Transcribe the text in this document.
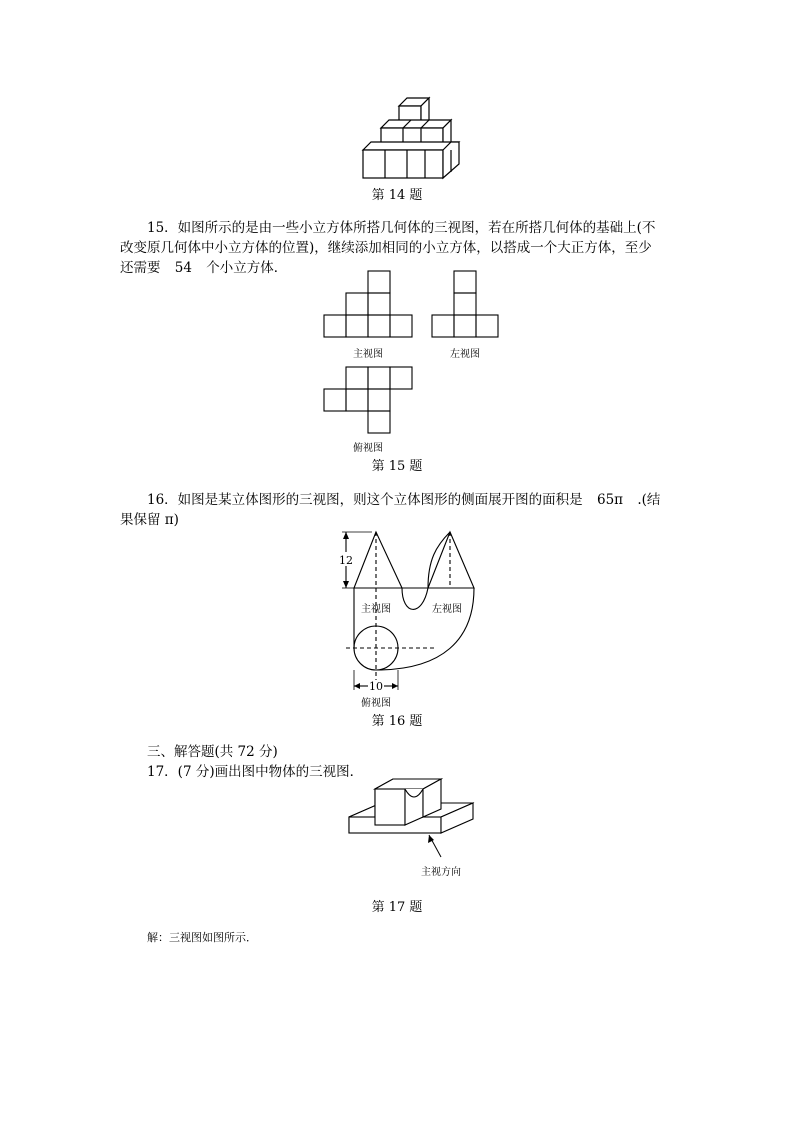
第 14 题
15．如图所示的是由一些小立方体所搭几何体的三视图，若在所搭几何体的基础上(不
改变原几何体中小立方体的位置)，继续添加相同的小立方体，以搭成一个大正方体，至少
还需要 54 个小立方体．
主视图	左视图
俯视图
第 15 题
16．如图是某立体图形的三视图，则这个立体图形的侧面展开图的面积是 65π .(结
果保留 π)
12
10
主视图	左视图
俯视图
第 16 题
三、解答题(共 72 分)
17．(7 分)画出图中物体的三视图．
主视方向
第 17 题
解：三视图如图所示．
